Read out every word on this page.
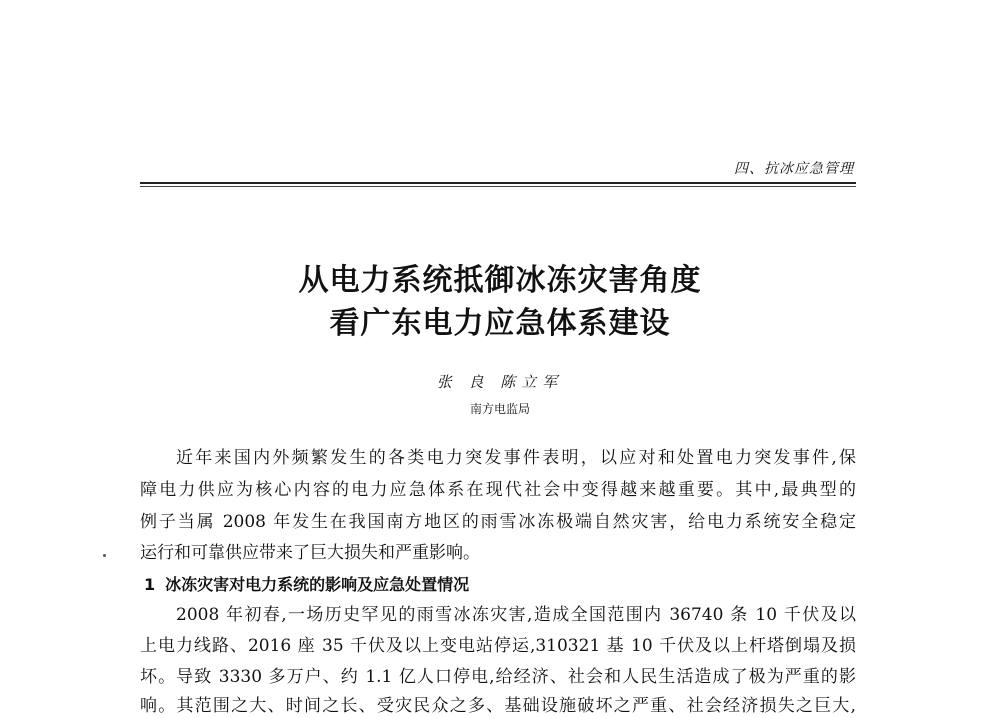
四、抗冰应急管理
从电力系统抵御冰冻灾害角度
看广东电力应急体系建设
张 良 陈立军
南方电监局
近年来国内外频繁发生的各类电力突发事件表明，以应对和处置电力突发事件,保
障电力供应为核心内容的电力应急体系在现代社会中变得越来越重要。其中,最典型的
例子当属 2008 年发生在我国南方地区的雨雪冰冻极端自然灾害，给电力系统安全稳定
运行和可靠供应带来了巨大损失和严重影响。
1 冰冻灾害对电力系统的影响及应急处置情况
2008 年初春,一场历史罕见的雨雪冰冻灾害,造成全国范围内 36740 条 10 千伏及以
上电力线路、2016 座 35 千伏及以上变电站停运,310321 基 10 千伏及以上杆塔倒塌及损
坏。导致 3330 多万户、约 1.1 亿人口停电,给经济、社会和人民生活造成了极为严重的影
响。其范围之大、时间之长、受灾民众之多、基础设施破坏之严重、社会经济损失之巨大,
